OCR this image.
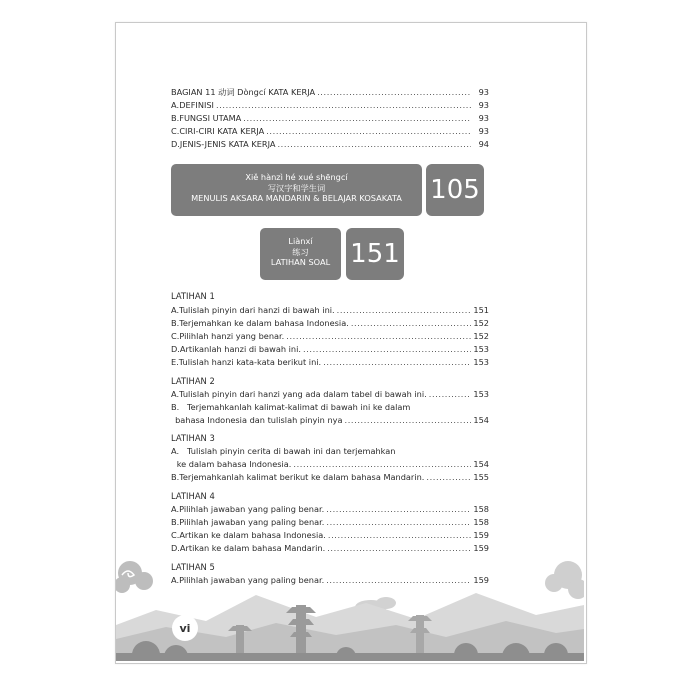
BAGIAN 11 动词 Dòngcí KATA KERJA .....	93
A. DEFINISI .....	93
B. FUNGSI UTAMA .....	93
C. CIRI-CIRI KATA KERJA .....	93
D. JENIS-JENIS KATA KERJA .....	94
Xiě hànzì hé xué shēngcí
写汉字和学生词
MENULIS AKSARA MANDARIN & BELAJAR KOSAKATA	105
Liànxí
练习
LATIHAN SOAL 151
LATIHAN 1
A. Tulislah pinyin dari hanzi di bawah ini. .....	151
B. Terjemahkan ke dalam bahasa Indonesia. .....	152
C. Pilihlah hanzi yang benar. .....	152
D. Artikanlah hanzi di bawah ini. .....	153
E. Tulislah hanzi kata-kata berikut ini. .....	153
LATIHAN 2
A. Tulislah pinyin dari hanzi yang ada dalam tabel di bawah ini. .....	153
B. Terjemahkanlah kalimat-kalimat di bawah ini ke dalam
bahasa Indonesia dan tulislah pinyin nya .....	154
LATIHAN 3
A. Tulislah pinyin cerita di bawah ini dan terjemahkan
ke dalam bahasa Indonesia. .....	154
B. Terjemahkanlah kalimat berikut ke dalam bahasa Mandarin. .....	155
LATIHAN 4
A. Pilihlah jawaban yang paling benar. .....	158
B. Pilihlah jawaban yang paling benar. .....	158
C. Artikan ke dalam bahasa Indonesia. .....	159
D. Artikan ke dalam bahasa Mandarin. .....	159
LATIHAN 5
A. Pilihlah jawaban yang paling benar. .....	159
vi
